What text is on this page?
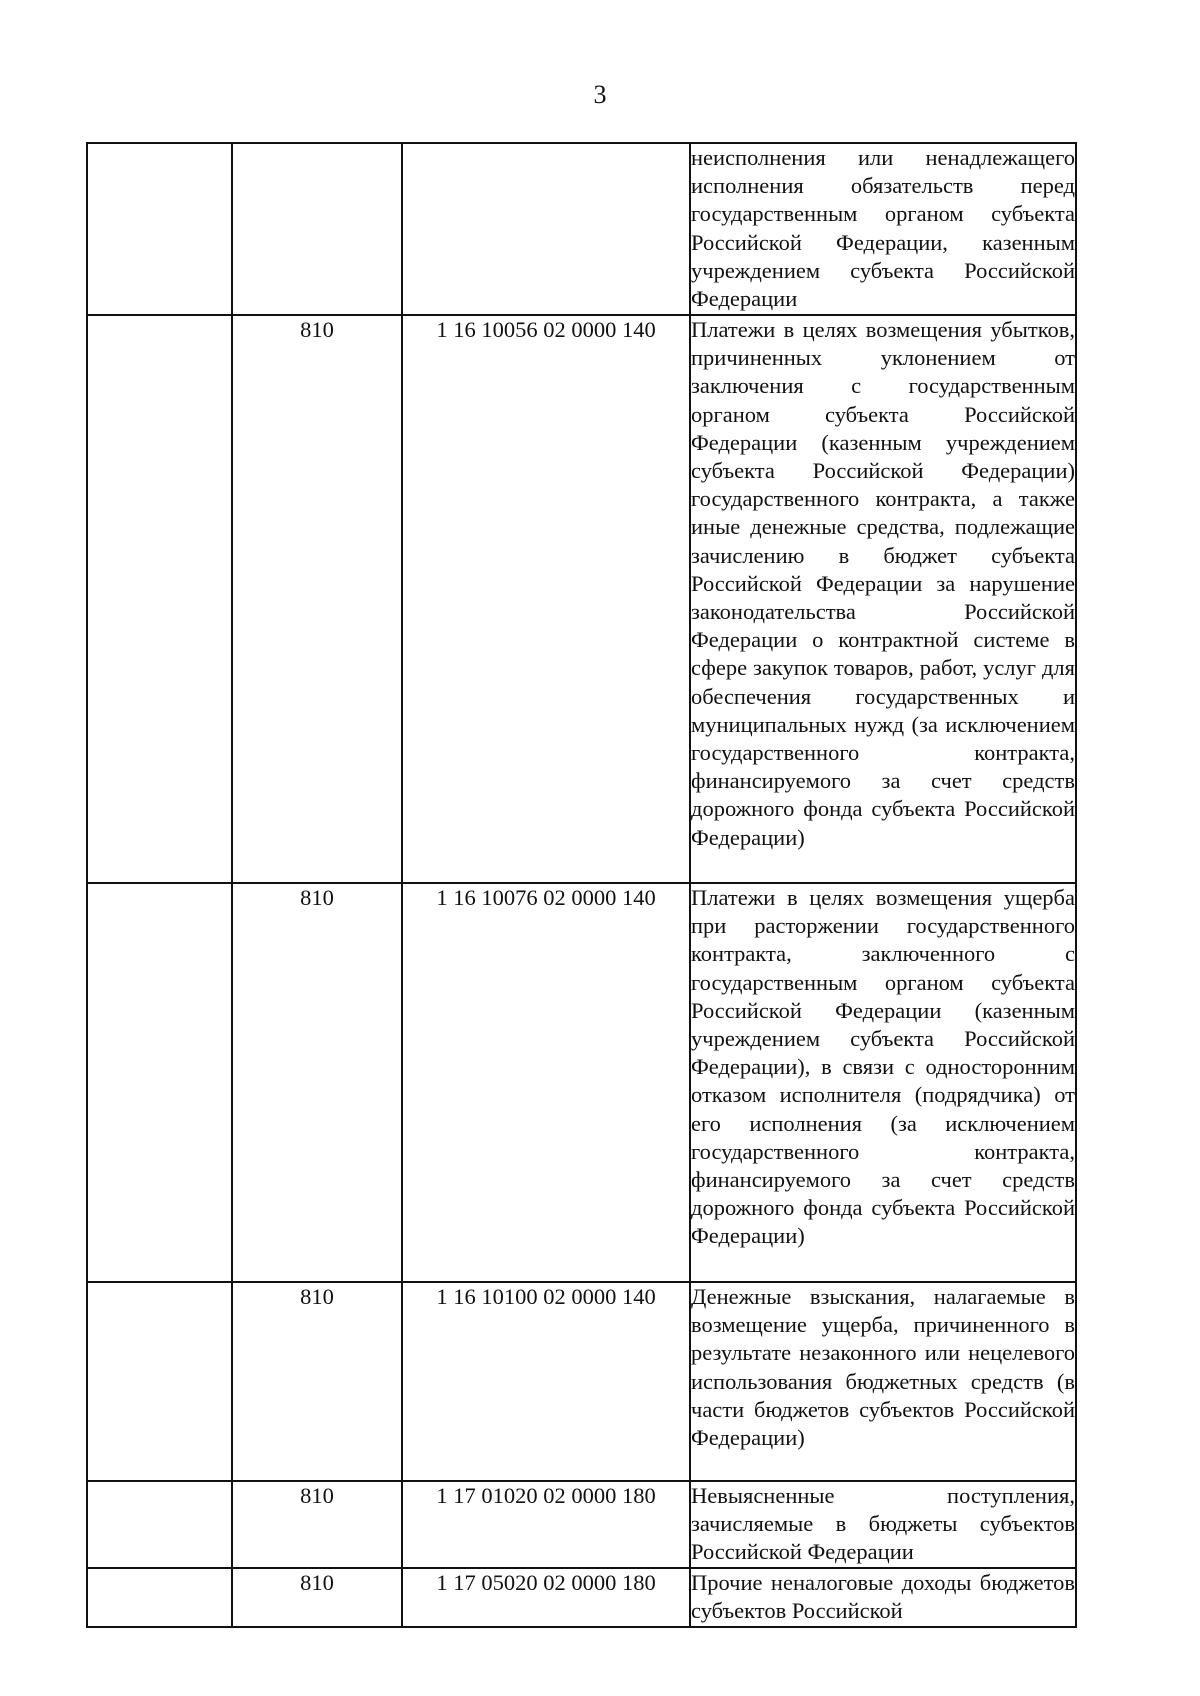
3
			неисполнения или ненадлежащего исполнения обязательств перед государственным органом субъекта Российской Федерации, казенным учреждением субъекта Российской Федерации
	810	1 16 10056 02 0000 140	Платежи в целях возмещения убытков, причиненных уклонением от заключения с государственным органом субъекта Российской Федерации (казенным учреждением субъекта Российской Федерации) государственного контракта, а также иные денежные средства, подлежащие зачислению в бюджет субъекта Российской Федерации за нарушение законодательства Российской Федерации о контрактной системе в сфере закупок товаров, работ, услуг для обеспечения государственных и муниципальных нужд (за исключением государственного контракта, финансируемого за счет средств дорожного фонда субъекта Российской Федерации)
	810	1 16 10076 02 0000 140	Платежи в целях возмещения ущерба при расторжении государственного контракта, заключенного с государственным органом субъекта Российской Федерации (казенным учреждением субъекта Российской Федерации), в связи с односторонним отказом исполнителя (подрядчика) от его исполнения (за исключением государственного контракта, финансируемого за счет средств дорожного фонда субъекта Российской Федерации)
	810	1 16 10100 02 0000 140	Денежные взыскания, налагаемые в возмещение ущерба, причиненного в результате незаконного или нецелевого использования бюджетных средств (в части бюджетов субъектов Российской Федерации)
	810	1 17 01020 02 0000 180	Невыясненные поступления, зачисляемые в бюджеты субъектов Российской Федерации
	810	1 17 05020 02 0000 180	Прочие неналоговые доходы бюджетов субъектов Российской
